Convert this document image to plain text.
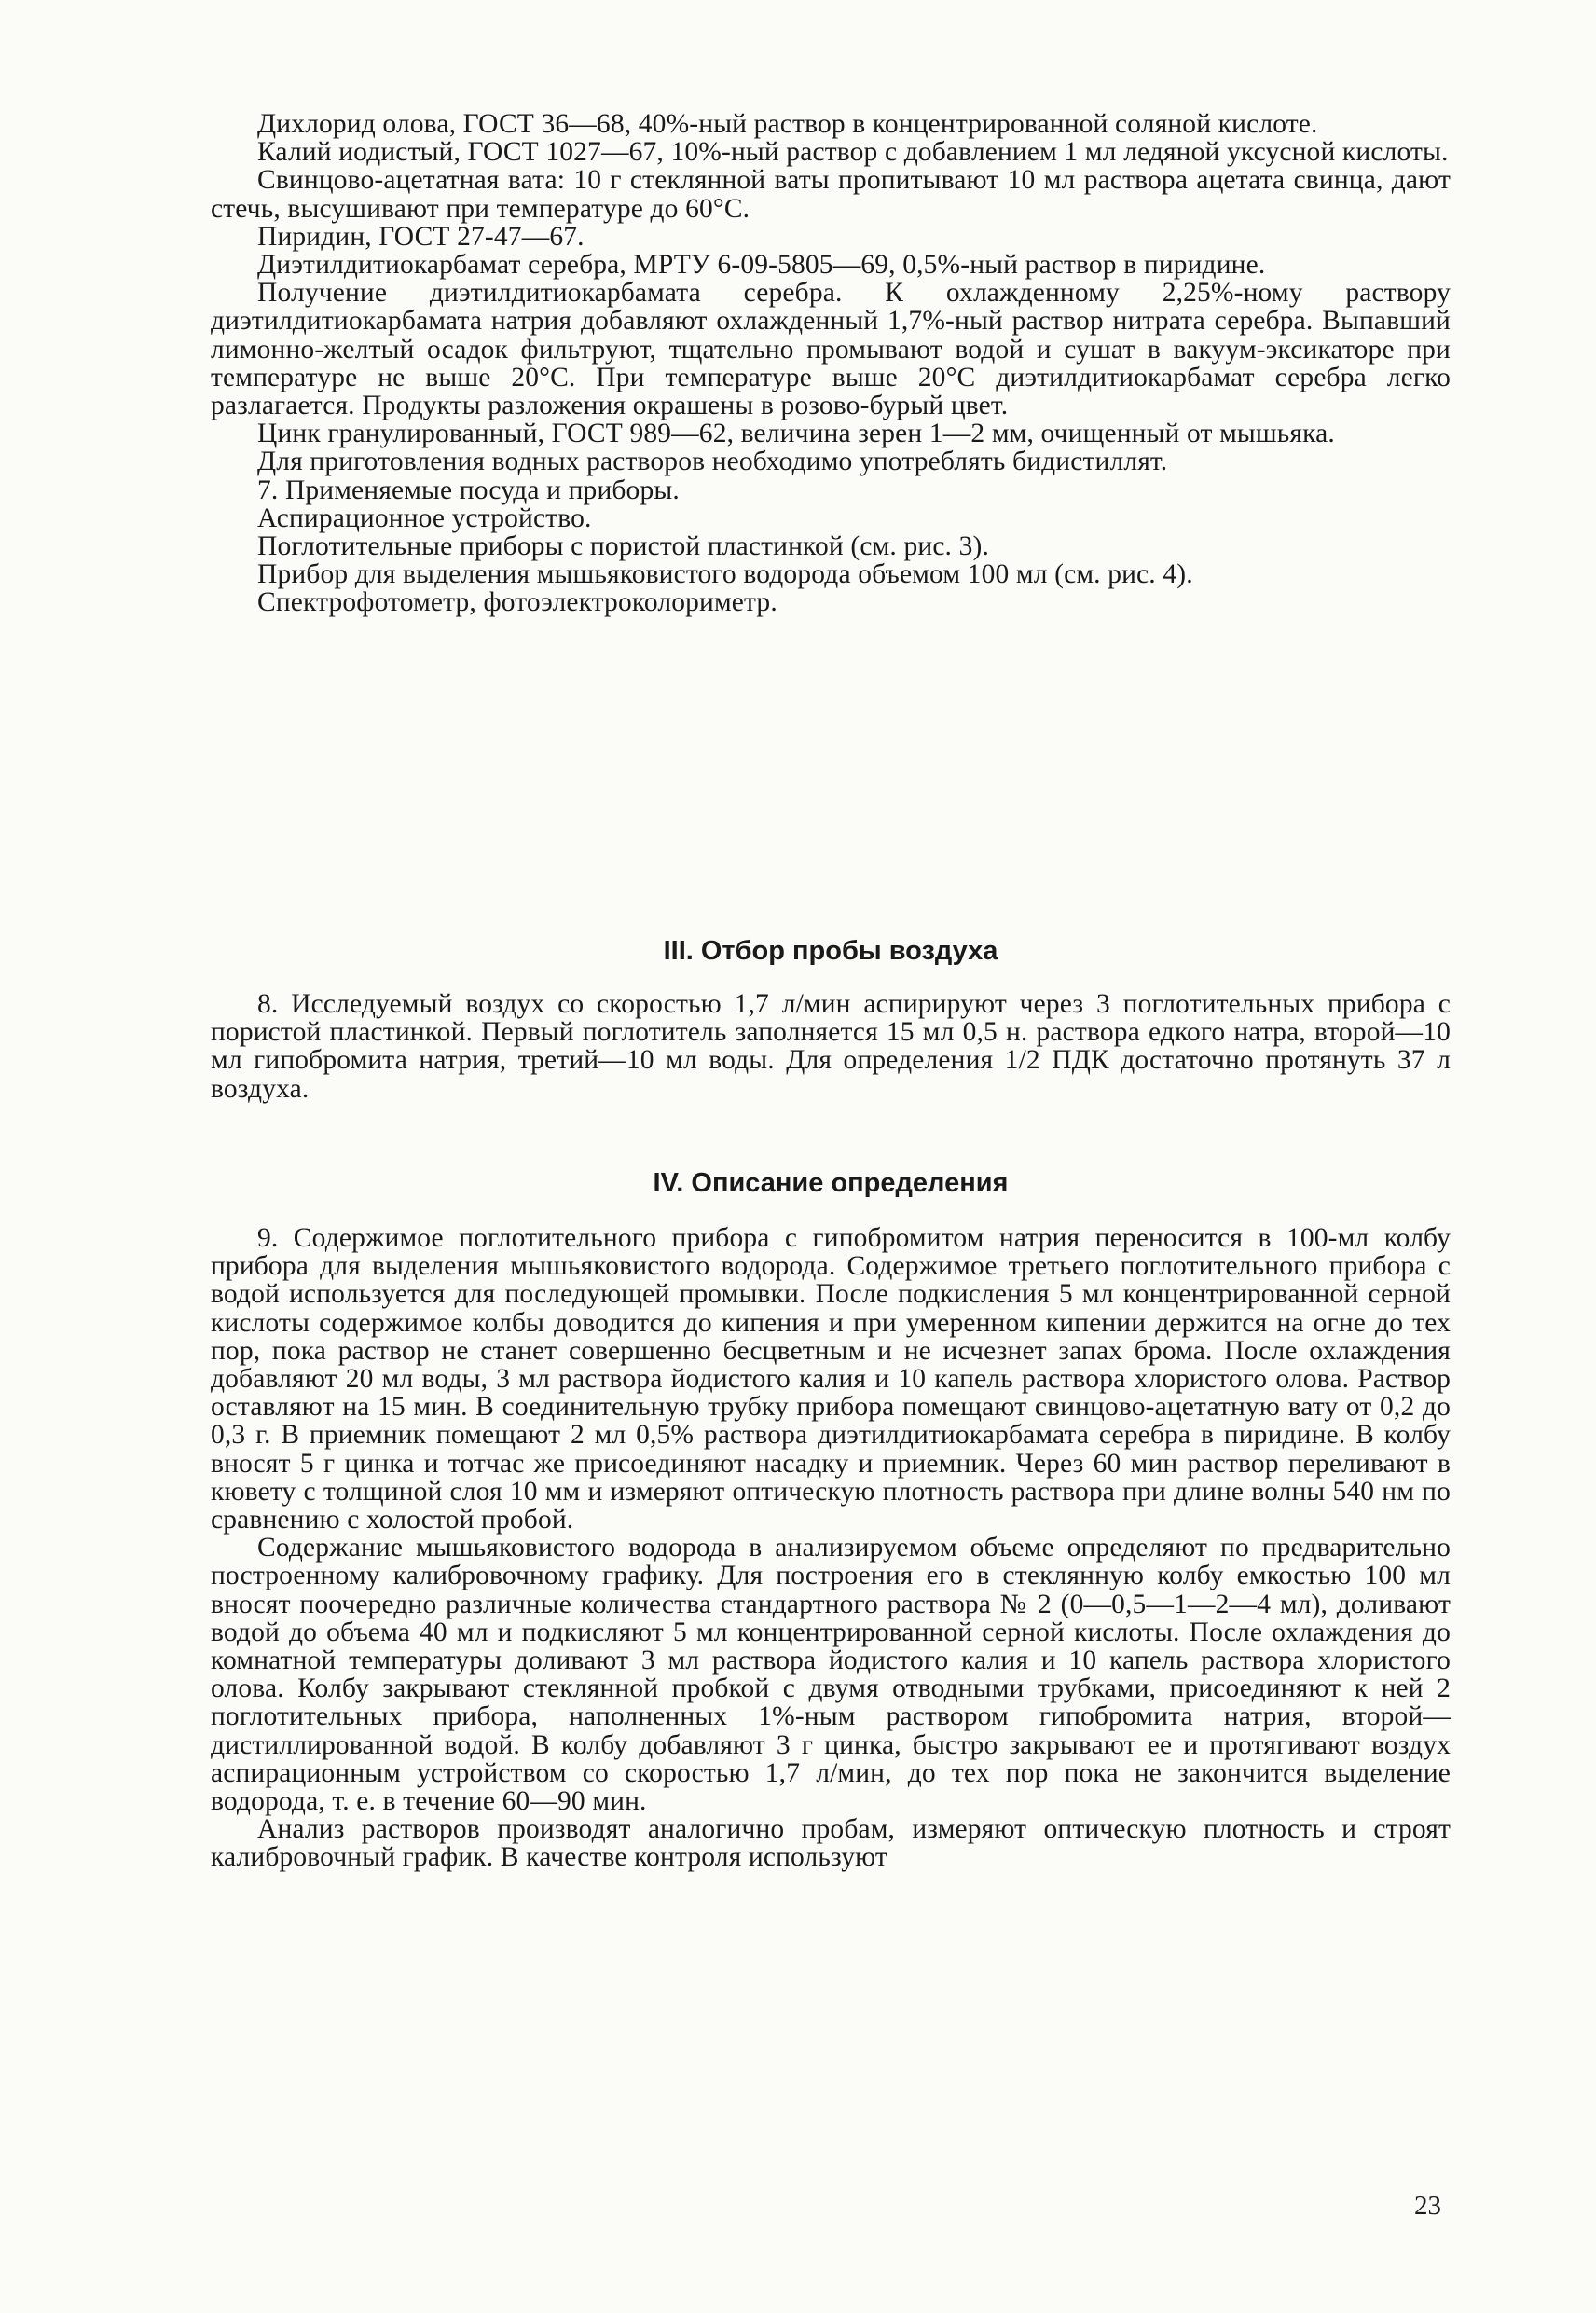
Дихлорид олова, ГОСТ 36—68, 40%-ный раствор в концентрированной соляной кислоте.

Калий иодистый, ГОСТ 1027—67, 10%-ный раствор с добавлением 1 мл ледяной уксусной кислоты.

Свинцово-ацетатная вата: 10 г стеклянной ваты пропитывают 10 мл раствора ацетата свинца, дают стечь, высушивают при температуре до 60°С.

Пиридин, ГОСТ 27-47—67.

Диэтилдитиокарбамат серебра, МРТУ 6-09-5805—69, 0,5%-ный раствор в пиридине.

Получение диэтилдитиокарбамата серебра. К охлажденному 2,25%-ному раствору диэтилдитиокарбамата натрия добавляют охлажденный 1,7%-ный раствор нитрата серебра. Выпавший лимонно-желтый осадок фильтруют, тщательно промывают водой и сушат в вакуум-эксикаторе при температуре не выше 20°С. При температуре выше 20°С диэтилдитиокарбамат серебра легко разлагается. Продукты разложения окрашены в розово-бурый цвет.

Цинк гранулированный, ГОСТ 989—62, величина зерен 1—2 мм, очищенный от мышьяка.

Для приготовления водных растворов необходимо употреблять бидистиллят.

7. Применяемые посуда и приборы.

Аспирационное устройство.

Поглотительные приборы с пористой пластинкой (см. рис. 3).

Прибор для выделения мышьяковистого водорода объемом 100 мл (см. рис. 4).

Спектрофотометр, фотоэлектроколориметр.

III. Отбор пробы воздуха

8. Исследуемый воздух со скоростью 1,7 л/мин аспирируют через 3 поглотительных прибора с пористой пластинкой. Первый поглотитель заполняется 15 мл 0,5 н. раствора едкого натра, второй—10 мл гипобромита натрия, третий—10 мл воды. Для определения 1/2 ПДК достаточно протянуть 37 л воздуха.

IV. Описание определения

9. Содержимое поглотительного прибора с гипобромитом натрия переносится в 100-мл колбу прибора для выделения мышьяковистого водорода. Содержимое третьего поглотительного прибора с водой используется для последующей промывки. После подкисления 5 мл концентрированной серной кислоты содержимое колбы доводится до кипения и при умеренном кипении держится на огне до тех пор, пока раствор не станет совершенно бесцветным и не исчезнет запах брома. После охлаждения добавляют 20 мл воды, 3 мл раствора йодистого калия и 10 капель раствора хлористого олова. Раствор оставляют на 15 мин. В соединительную трубку прибора помещают свинцово-ацетатную вату от 0,2 до 0,3 г. В приемник помещают 2 мл 0,5% раствора диэтилдитиокарбамата серебра в пиридине. В колбу вносят 5 г цинка и тотчас же присоединяют насадку и приемник. Через 60 мин раствор переливают в кювету с толщиной слоя 10 мм и измеряют оптическую плотность раствора при длине волны 540 нм по сравнению с холостой пробой.

Содержание мышьяковистого водорода в анализируемом объеме определяют по предварительно построенному калибровочному графику. Для построения его в стеклянную колбу емкостью 100 мл вносят поочередно различные количества стандартного раствора № 2 (0—0,5—1—2—4 мл), доливают водой до объема 40 мл и подкисляют 5 мл концентрированной серной кислоты. После охлаждения до комнатной температуры доливают 3 мл раствора йодистого калия и 10 капель раствора хлористого олова. Колбу закрывают стеклянной пробкой с двумя отводными трубками, присоединяют к ней 2 поглотительных прибора, наполненных 1%-ным раствором гипобромита натрия, второй—дистиллированной водой. В колбу добавляют 3 г цинка, быстро закрывают ее и протягивают воздух аспирационным устройством со скоростью 1,7 л/мин, до тех пор пока не закончится выделение водорода, т. е. в течение 60—90 мин.

Анализ растворов производят аналогично пробам, измеряют оптическую плотность и строят калибровочный график. В качестве контроля используют

23
